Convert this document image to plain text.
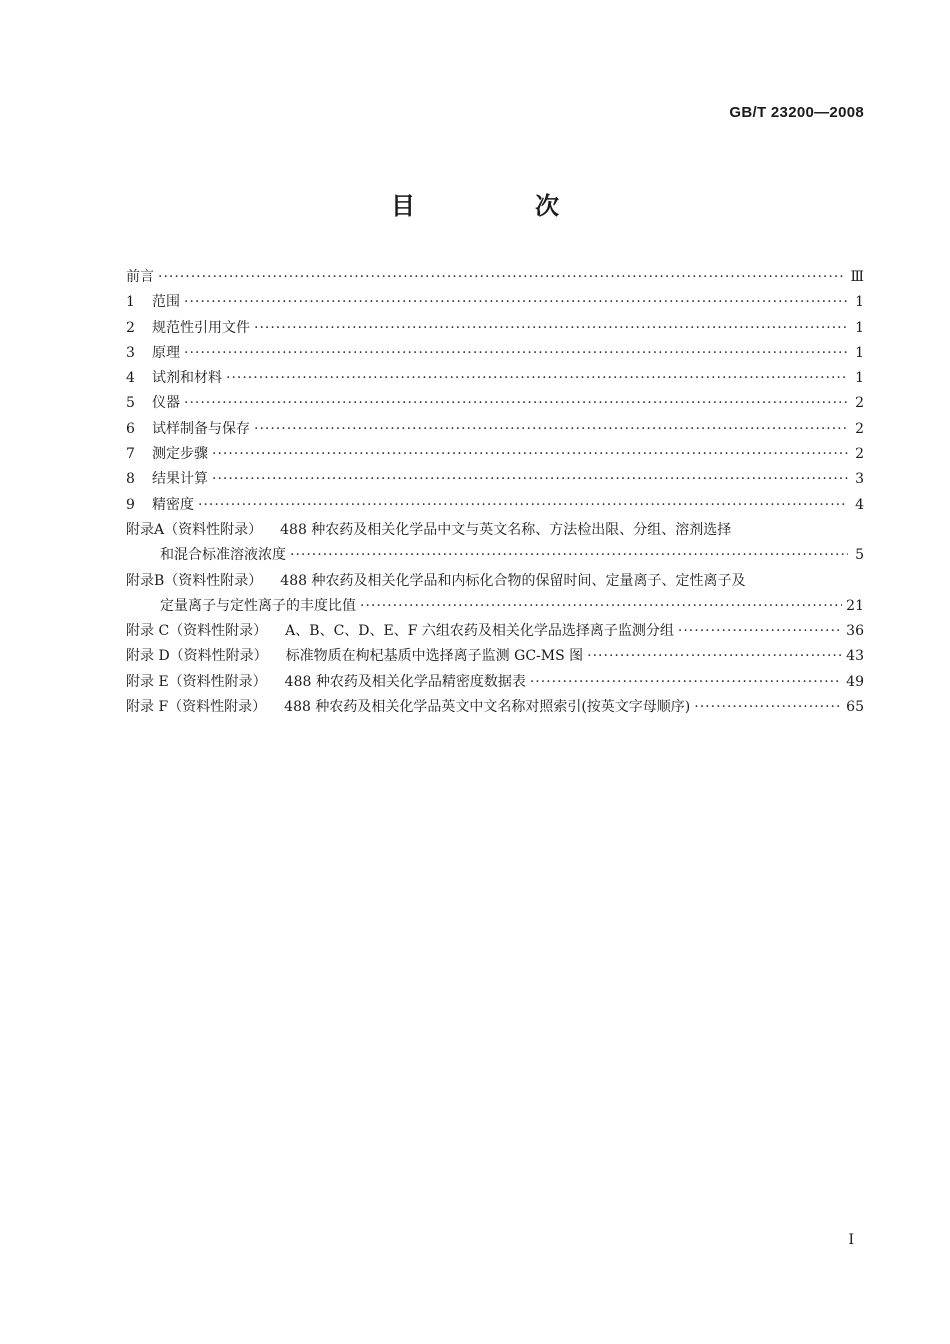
GB/T 23200—2008
目　次
前言 ·····	Ⅲ
1	范围 ·····	1
2	规范性引用文件 ·····	1
3	原理 ·····	1
4	试剂和材料 ·····	1
5	仪器 ·····	2
6	试样制备与保存 ·····	2
7	测定步骤 ·····	2
8	结果计算 ·····	3
9	精密度 ·····	4
附录A（资料性附录） 488 种农药及相关化学品中文与英文名称、方法检出限、分组、溶剂选择
和混合标准溶液浓度 ·····	5
附录B（资料性附录） 488 种农药及相关化学品和内标化合物的保留时间、定量离子、定性离子及
定量离子与定性离子的丰度比值 ·····	21
附录 C（资料性附录） A、B、C、D、E、F 六组农药及相关化学品选择离子监测分组 ·····	36
附录 D（资料性附录） 标准物质在枸杞基质中选择离子监测 GC-MS 图 ·····	43
附录 E（资料性附录） 488 种农药及相关化学品精密度数据表 ·····	49
附录 F（资料性附录） 488 种农药及相关化学品英文中文名称对照索引(按英文字母顺序) ·····	65
I
